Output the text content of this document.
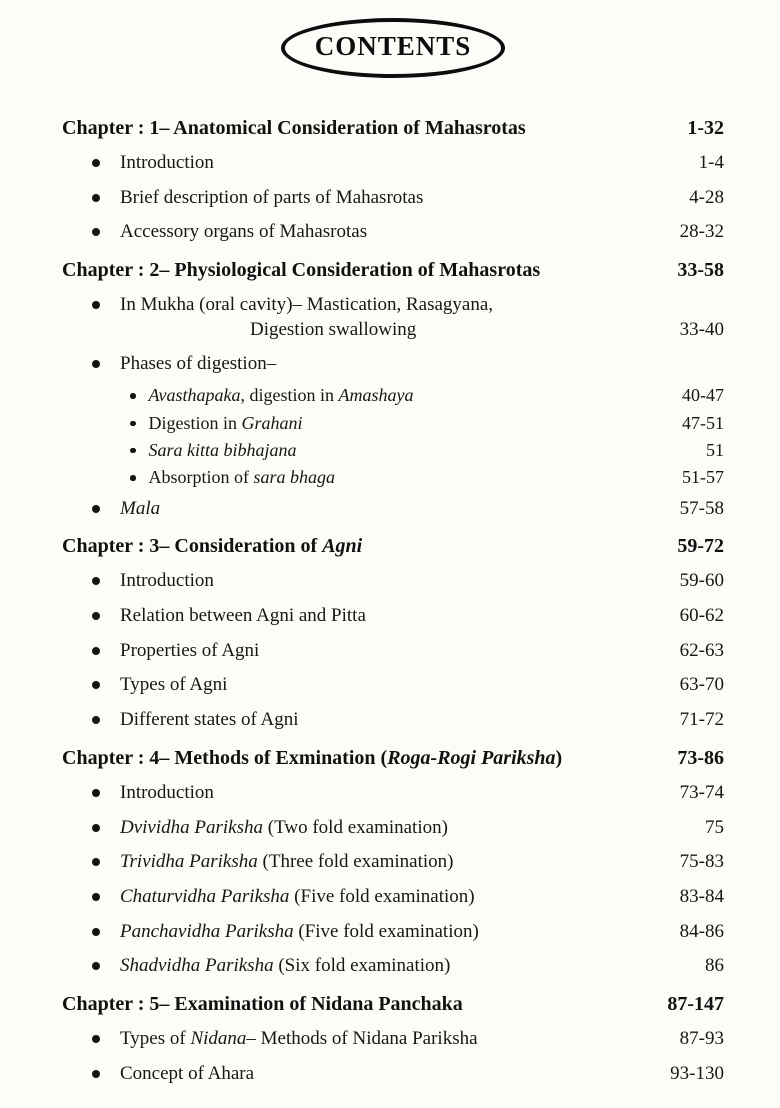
CONTENTS
Chapter : 1– Anatomical Consideration of Mahasrotas	1-32
Introduction	1-4
Brief description of parts of Mahasrotas	4-28
Accessory organs of Mahasrotas	28-32
Chapter : 2– Physiological Consideration of Mahasrotas	33-58
In Mukha (oral cavity)– Mastication, Rasagyana,
Digestion swallowing	33-40
Phases of digestion–
Avasthapaka, digestion in Amashaya	40-47
Digestion in Grahani	47-51
Sara kitta bibhajana	51
Absorption of sara bhaga	51-57
Mala	57-58
Chapter : 3– Consideration of Agni	59-72
Introduction	59-60
Relation between Agni and Pitta	60-62
Properties of Agni	62-63
Types of Agni	63-70
Different states of Agni	71-72
Chapter : 4– Methods of Exmination (Roga-Rogi Pariksha)	73-86
Introduction	73-74
Dvividha Pariksha (Two fold examination)	75
Trividha Pariksha (Three fold examination)	75-83
Chaturvidha Pariksha (Five fold examination)	83-84
Panchavidha Pariksha (Five fold examination)	84-86
Shadvidha Pariksha (Six fold examination)	86
Chapter : 5– Examination of Nidana Panchaka	87-147
Types of Nidana– Methods of Nidana Pariksha	87-93
Concept of Ahara	93-130
